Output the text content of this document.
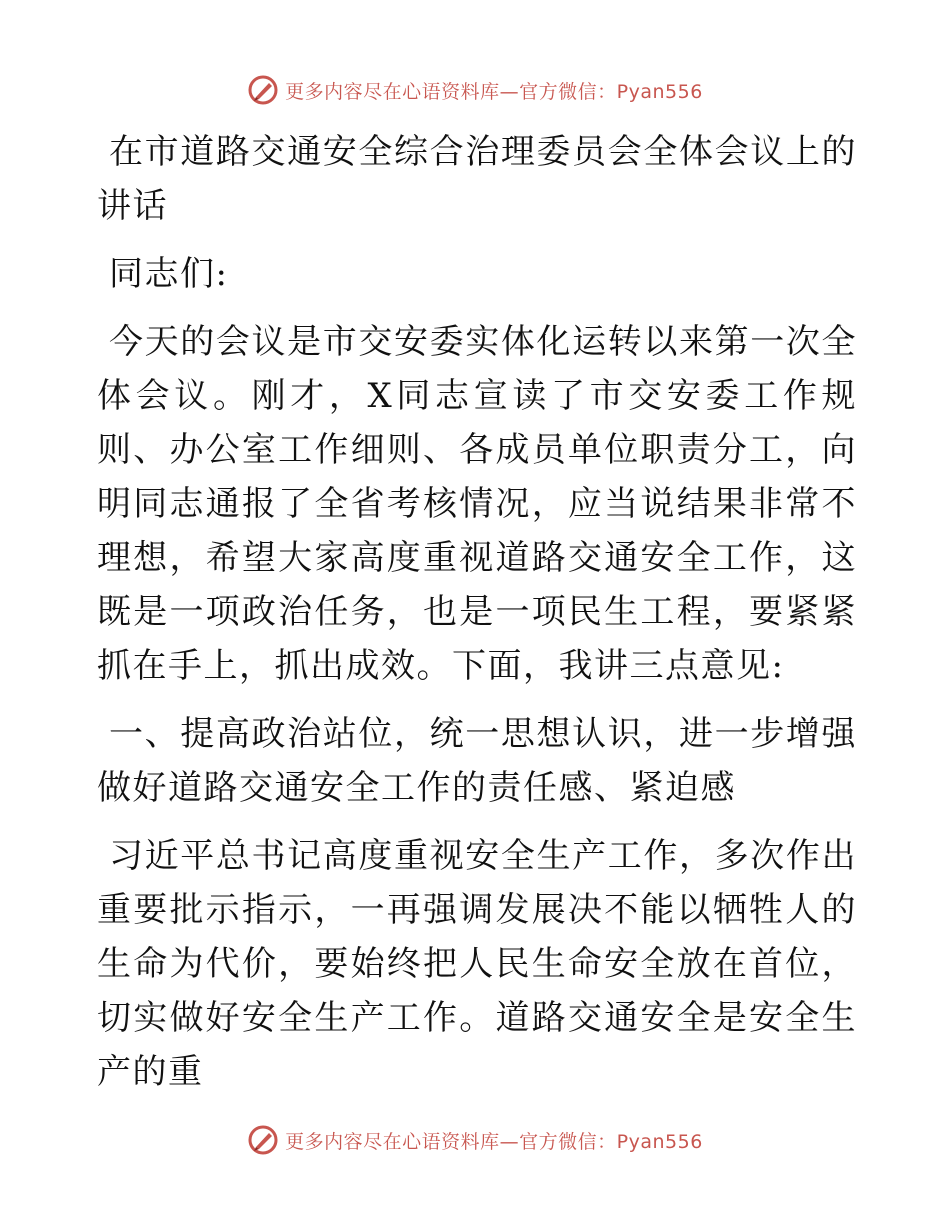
更多内容尽在心语资料库—官方微信：Pyan556

在市道路交通安全综合治理委员会全体会议上的讲话

同志们:

今天的会议是市交安委实体化运转以来第一次全体会议。刚才，X同志宣读了市交安委工作规则、办公室工作细则、各成员单位职责分工，向明同志通报了全省考核情况，应当说结果非常不理想，希望大家高度重视道路交通安全工作，这既是一项政治任务，也是一项民生工程，要紧紧抓在手上，抓出成效。下面，我讲三点意见:

一、提高政治站位，统一思想认识，进一步增强做好道路交通安全工作的责任感、紧迫感

习近平总书记高度重视安全生产工作，多次作出重要批示指示，一再强调发展决不能以牺牲人的生命为代价，要始终把人民生命安全放在首位，切实做好安全生产工作。道路交通安全是安全生产的重

更多内容尽在心语资料库—官方微信：Pyan556
